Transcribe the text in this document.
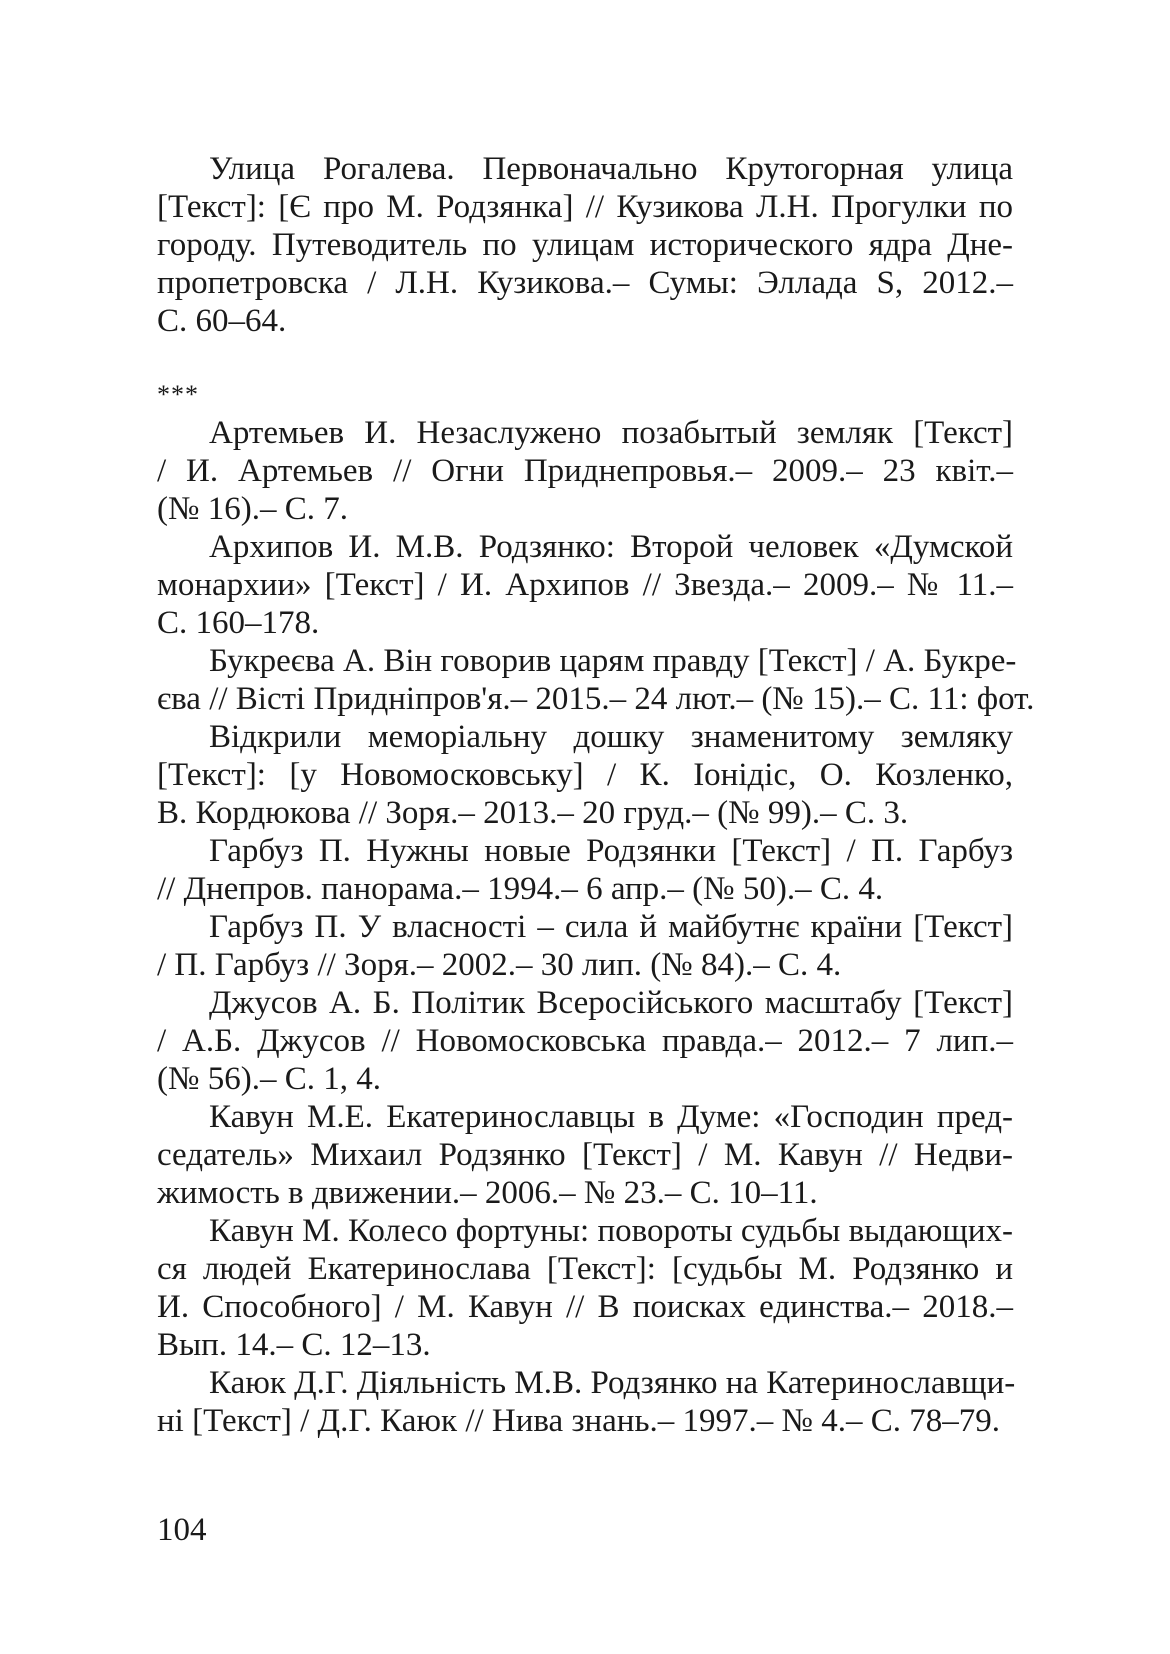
Улица Рогалева. Первоначально Крутогорная улица
[Текст]: [Є про М. Родзянка] // Кузикова Л.Н. Прогулки по
городу. Путеводитель по улицам исторического ядра Дне-
пропетровска / Л.Н. Кузикова.– Сумы: Эллада S, 2012.–
С. 60–64.
***
Артемьев И. Незаслужено позабытый земляк [Текст]
/ И. Артемьев // Огни Приднепровья.– 2009.– 23 квіт.–
(№ 16).– С. 7.
Архипов И. М.В. Родзянко: Второй человек «Думской
монархии» [Текст] / И. Архипов // Звезда.– 2009.– № 11.–
С. 160–178.
Букреєва А. Він говорив царям правду [Текст] / А. Букре-
єва // Вісті Придніпров'я.– 2015.– 24 лют.– (№ 15).– С. 11: фот.
Відкрили меморіальну дошку знаменитому земляку
[Текст]: [у Новомосковську] / К. Іонідіс, О. Козленко,
В. Кордюкова // Зоря.– 2013.– 20 груд.– (№ 99).– С. 3.
Гарбуз П. Нужны новые Родзянки [Текст] / П. Гарбуз
// Днепров. панорама.– 1994.– 6 апр.– (№ 50).– С. 4.
Гарбуз П. У власності – сила й майбутнє країни [Текст]
/ П. Гарбуз // Зоря.– 2002.– 30 лип. (№ 84).– С. 4.
Джусов А. Б. Політик Всеросійського масштабу [Текст]
/ А.Б. Джусов // Новомосковська правда.– 2012.– 7 лип.–
(№ 56).– С. 1, 4.
Кавун М.Е. Екатеринославцы в Думе: «Господин пред-
седатель» Михаил Родзянко [Текст] / М. Кавун // Недви-
жимость в движении.– 2006.– № 23.– С. 10–11.
Кавун М. Колесо фортуны: повороты судьбы выдающих-
ся людей Екатеринослава [Текст]: [судьбы М. Родзянко и
И. Способного] / М. Кавун // В поисках единства.– 2018.–
Вып. 14.– С. 12–13.
Каюк Д.Г. Діяльність М.В. Родзянко на Катеринославщи-
ні [Текст] / Д.Г. Каюк // Нива знань.– 1997.– № 4.– С. 78–79.
104
